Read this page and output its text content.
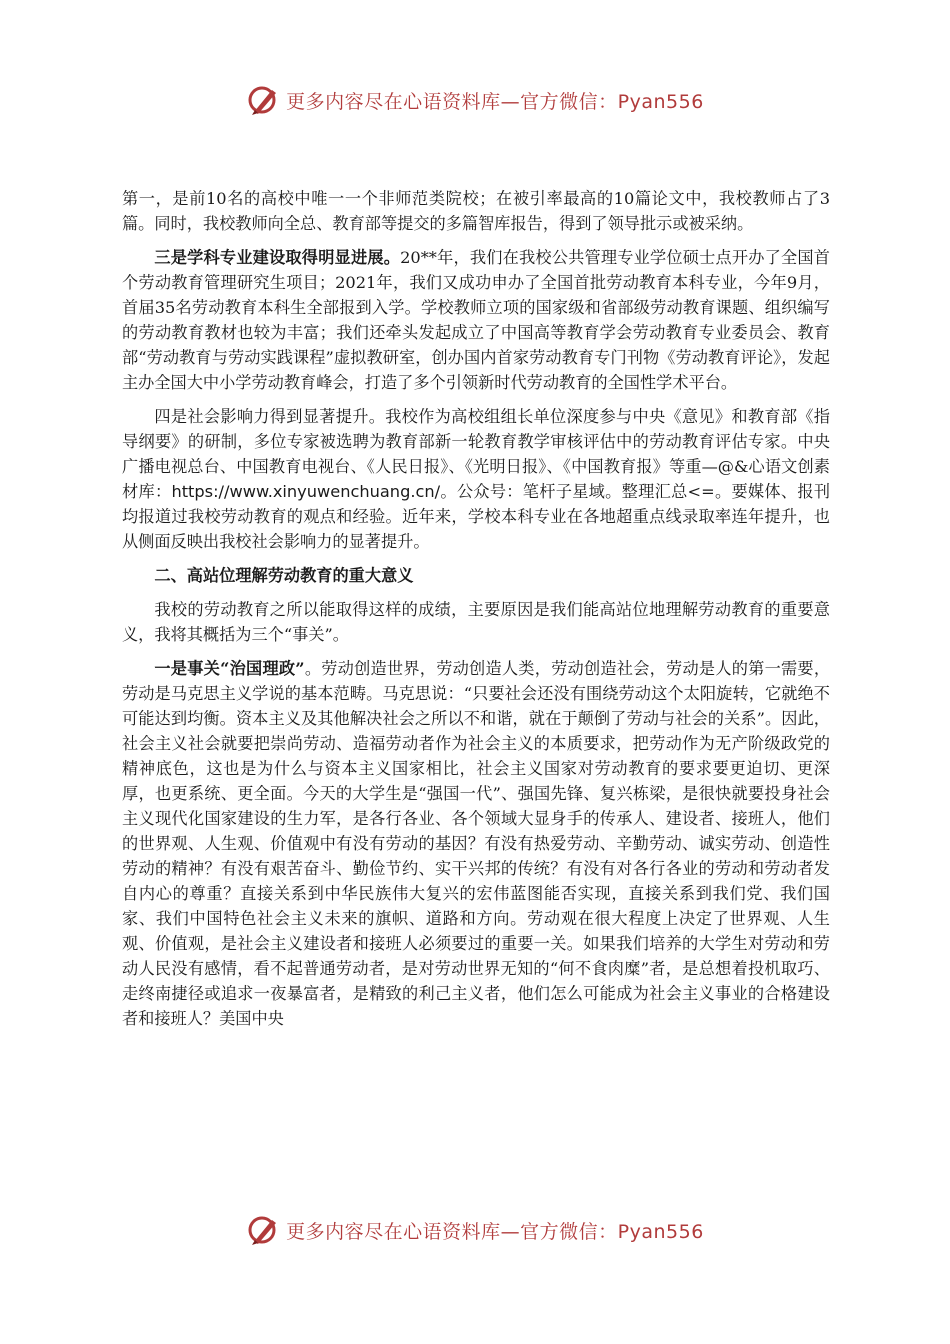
更多内容尽在心语资料库—官方微信：Pyan556

第一，是前10名的高校中唯一一个非师范类院校；在被引率最高的10篇论文中，我校教师占了3篇。同时，我校教师向全总、教育部等提交的多篇智库报告，得到了领导批示或被采纳。

三是学科专业建设取得明显进展。20**年，我们在我校公共管理专业学位硕士点开办了全国首个劳动教育管理研究生项目；2021年，我们又成功申办了全国首批劳动教育本科专业，今年9月，首届35名劳动教育本科生全部报到入学。学校教师立项的国家级和省部级劳动教育课题、组织编写的劳动教育教材也较为丰富；我们还牵头发起成立了中国高等教育学会劳动教育专业委员会、教育部“劳动教育与劳动实践课程”虚拟教研室，创办国内首家劳动教育专门刊物《劳动教育评论》，发起主办全国大中小学劳动教育峰会，打造了多个引领新时代劳动教育的全国性学术平台。

四是社会影响力得到显著提升。我校作为高校组组长单位深度参与中央《意见》和教育部《指导纲要》的研制，多位专家被选聘为教育部新一轮教育教学审核评估中的劳动教育评估专家。中央广播电视总台、中国教育电视台、《人民日报》、《光明日报》、《中国教育报》等重—@&心语文创素材库：https://www.xinyuwenchuang.cn/。公众号：笔杆子星域。整理汇总<=。要媒体、报刊均报道过我校劳动教育的观点和经验。近年来，学校本科专业在各地超重点线录取率连年提升，也从侧面反映出我校社会影响力的显著提升。

二、高站位理解劳动教育的重大意义

我校的劳动教育之所以能取得这样的成绩，主要原因是我们能高站位地理解劳动教育的重要意义，我将其概括为三个“事关”。

一是事关“治国理政”。劳动创造世界，劳动创造人类，劳动创造社会，劳动是人的第一需要，劳动是马克思主义学说的基本范畴。马克思说：“只要社会还没有围绕劳动这个太阳旋转，它就绝不可能达到均衡。资本主义及其他解决社会之所以不和谐，就在于颠倒了劳动与社会的关系”。因此，社会主义社会就要把崇尚劳动、造福劳动者作为社会主义的本质要求，把劳动作为无产阶级政党的精神底色，这也是为什么与资本主义国家相比，社会主义国家对劳动教育的要求要更迫切、更深厚，也更系统、更全面。今天的大学生是“强国一代”、强国先锋、复兴栋梁，是很快就要投身社会主义现代化国家建设的生力军，是各行各业、各个领域大显身手的传承人、建设者、接班人，他们的世界观、人生观、价值观中有没有劳动的基因？有没有热爱劳动、辛勤劳动、诚实劳动、创造性劳动的精神？有没有艰苦奋斗、勤俭节约、实干兴邦的传统？有没有对各行各业的劳动和劳动者发自内心的尊重？直接关系到中华民族伟大复兴的宏伟蓝图能否实现，直接关系到我们党、我们国家、我们中国特色社会主义未来的旗帜、道路和方向。劳动观在很大程度上决定了世界观、人生观、价值观，是社会主义建设者和接班人必须要过的重要一关。如果我们培养的大学生对劳动和劳动人民没有感情，看不起普通劳动者，是对劳动世界无知的“何不食肉糜”者，是总想着投机取巧、走终南捷径或追求一夜暴富者，是精致的利己主义者，他们怎么可能成为社会主义事业的合格建设者和接班人？美国中央

更多内容尽在心语资料库—官方微信：Pyan556
